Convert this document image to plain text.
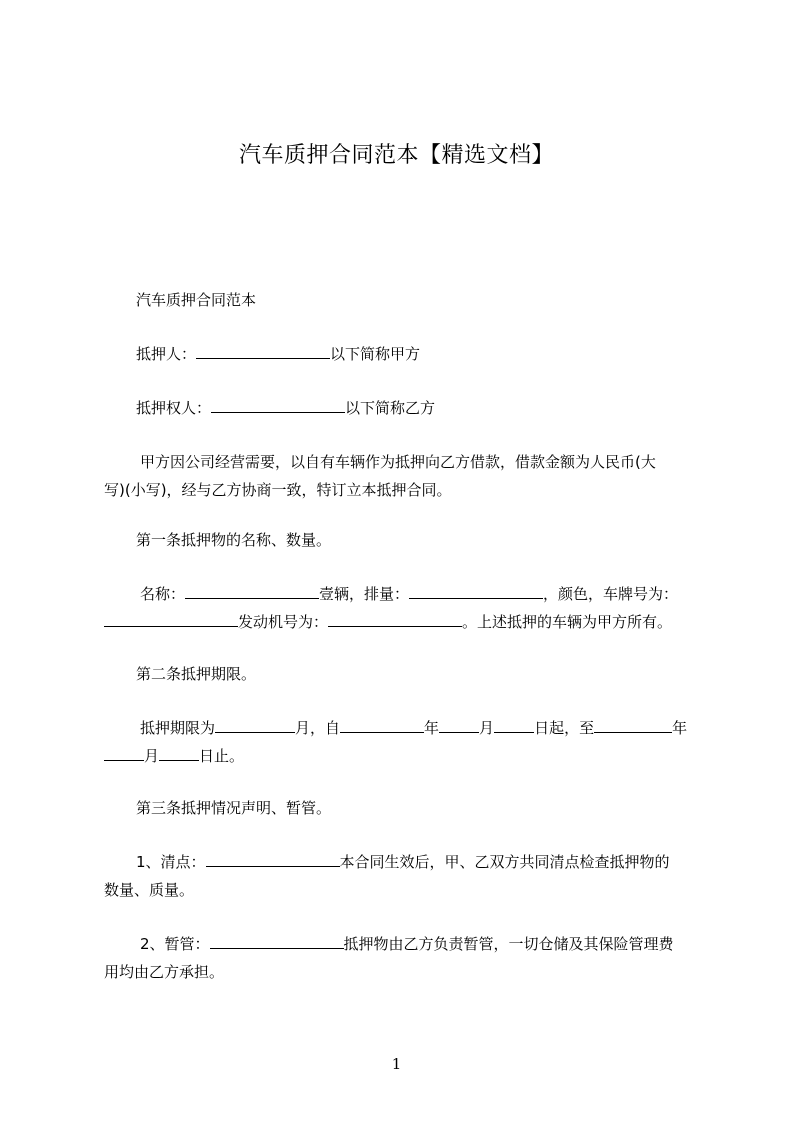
汽车质押合同范本【精选文档】
汽车质押合同范本
抵押人：	以下简称甲方
抵押权人：	以下简称乙方
甲方因公司经营需要，以自有车辆作为抵押向乙方借款，借款金额为人民币(大
写)(小写)，经与乙方协商一致，特订立本抵押合同。
第一条抵押物的名称、数量。
名称：	壹辆，排量：	，颜色，车牌号为：
发动机号为：	。上述抵押的车辆为甲方所有。
第二条抵押期限。
抵押期限为	月，自	年	月	日起，至	年
月	日止。
第三条抵押情况声明、暂管。
1、清点：	本合同生效后，甲、乙双方共同清点检查抵押物的
数量、质量。
2、暂管：	抵押物由乙方负责暂管，一切仓储及其保险管理费
用均由乙方承担。
1
